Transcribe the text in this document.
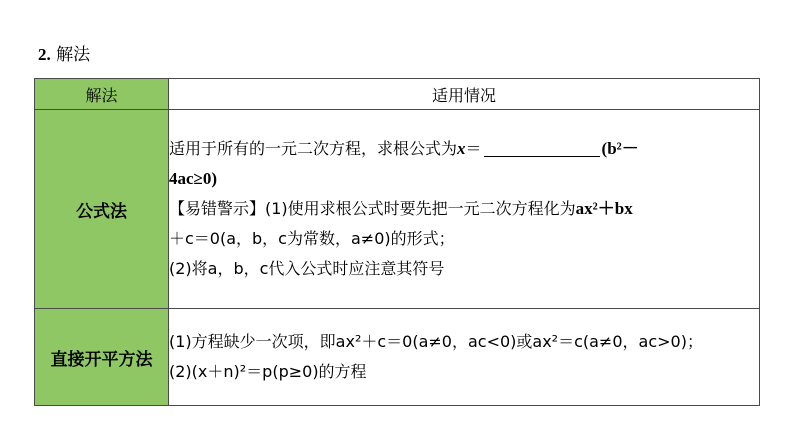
2. 解法
解法	适用情况
公式法	适用于所有的一元二次方程，求根公式为x＝ (b²－
4ac≥0)
【易错警示】(1)使用求根公式时要先把一元二次方程化为ax²＋bx
＋c＝0(a，b，c为常数，a≠0)的形式；
(2)将a，b，c代入公式时应注意其符号

直接开平方法	(1)方程缺少一次项，即ax²＋c＝0(a≠0，ac<0)或ax²＝c(a≠0，ac>0)；
(2)(x＋n)²＝p(p≥0)的方程
